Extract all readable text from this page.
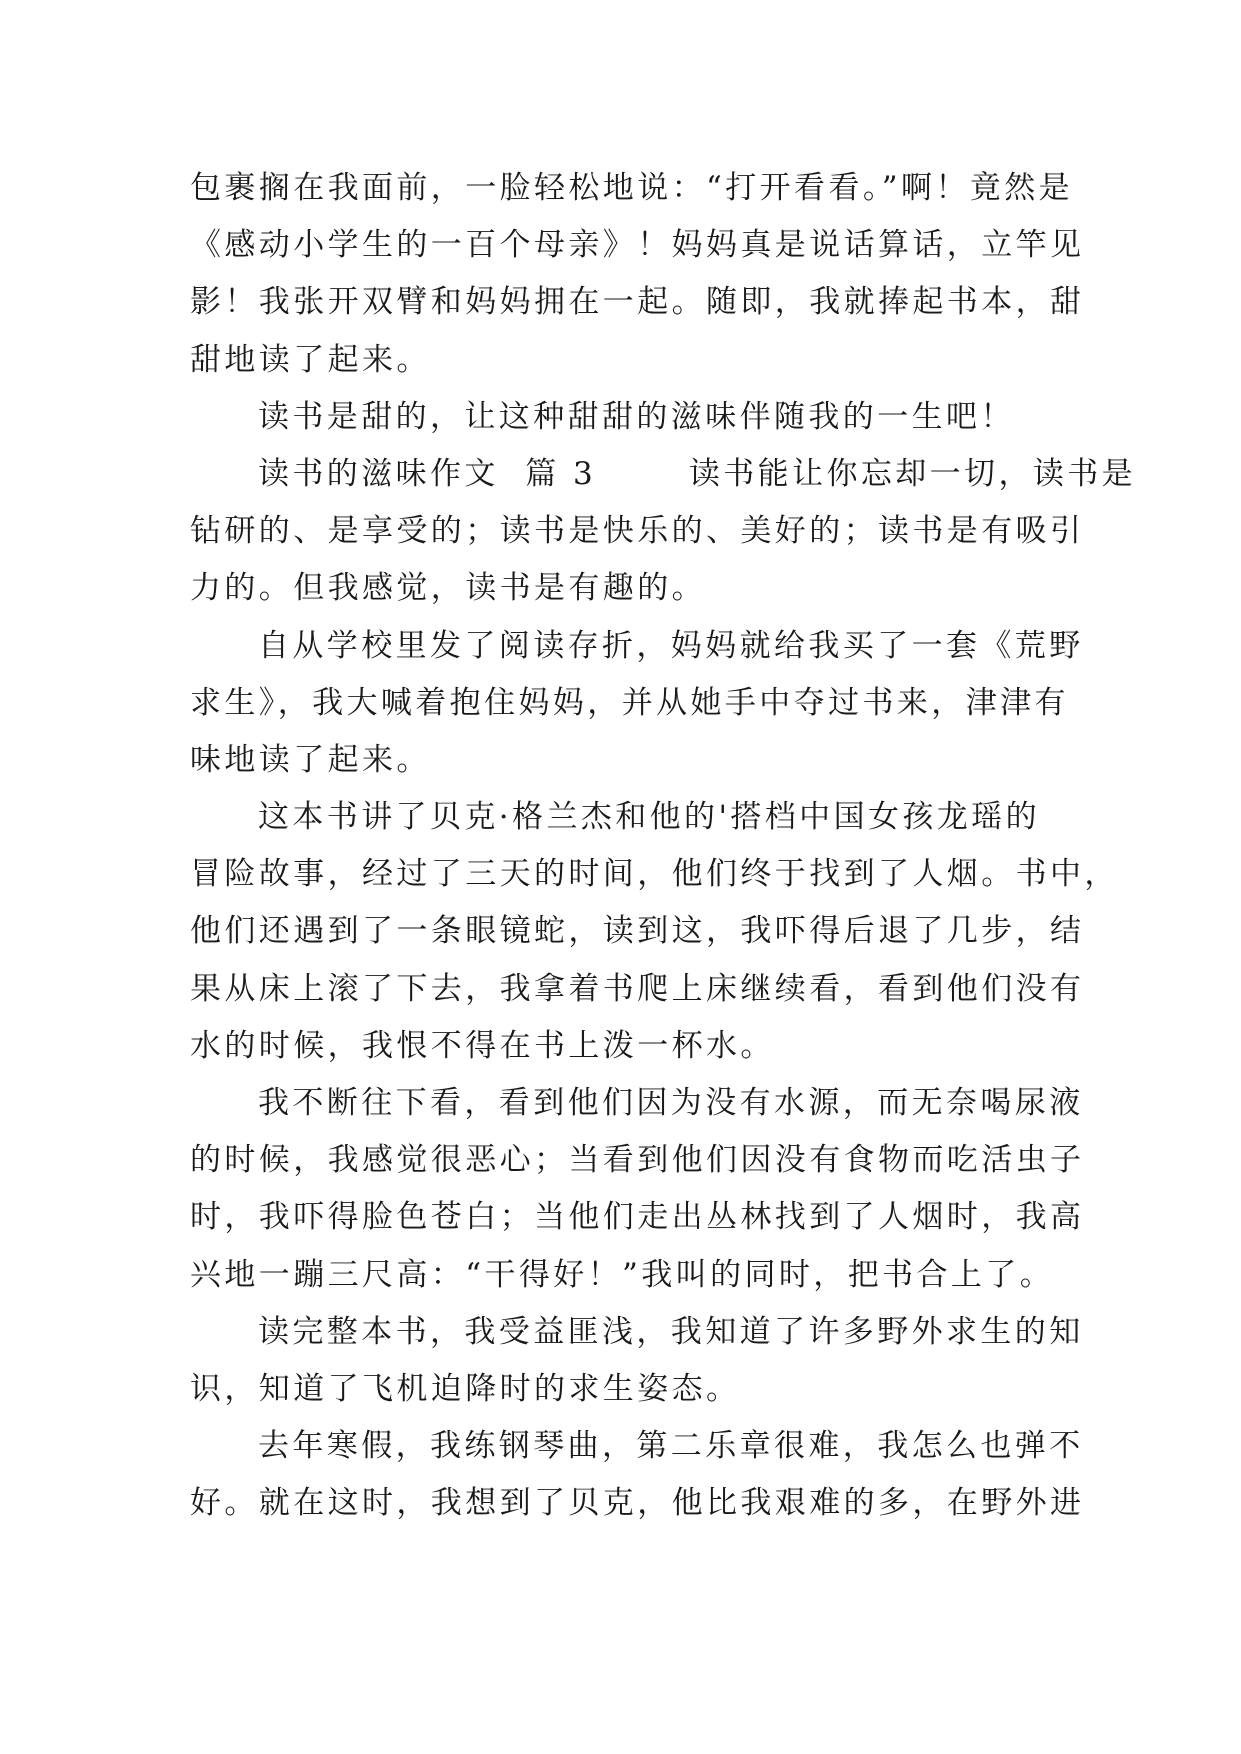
包裹搁在我面前，一脸轻松地说：“打开看看。”啊！竟然是
《感动小学生的一百个母亲》！妈妈真是说话算话，立竿见
影！我张开双臂和妈妈拥在一起。随即，我就捧起书本，甜
甜地读了起来。
读书是甜的，让这种甜甜的滋味伴随我的一生吧！
读书的滋味作文  篇 3       读书能让你忘却一切，读书是
钻研的、是享受的；读书是快乐的、美好的；读书是有吸引
力的。但我感觉，读书是有趣的。
自从学校里发了阅读存折，妈妈就给我买了一套《荒野
求生》，我大喊着抱住妈妈，并从她手中夺过书来，津津有
味地读了起来。
这本书讲了贝克·格兰杰和他的'搭档中国女孩龙瑶的
冒险故事，经过了三天的时间，他们终于找到了人烟。书中，
他们还遇到了一条眼镜蛇，读到这，我吓得后退了几步，结
果从床上滚了下去，我拿着书爬上床继续看，看到他们没有
水的时候，我恨不得在书上泼一杯水。
我不断往下看，看到他们因为没有水源，而无奈喝尿液
的时候，我感觉很恶心；当看到他们因没有食物而吃活虫子
时，我吓得脸色苍白；当他们走出丛林找到了人烟时，我高
兴地一蹦三尺高：“干得好！”我叫的同时，把书合上了。
读完整本书，我受益匪浅，我知道了许多野外求生的知
识，知道了飞机迫降时的求生姿态。
去年寒假，我练钢琴曲，第二乐章很难，我怎么也弹不
好。就在这时，我想到了贝克，他比我艰难的多，在野外进
